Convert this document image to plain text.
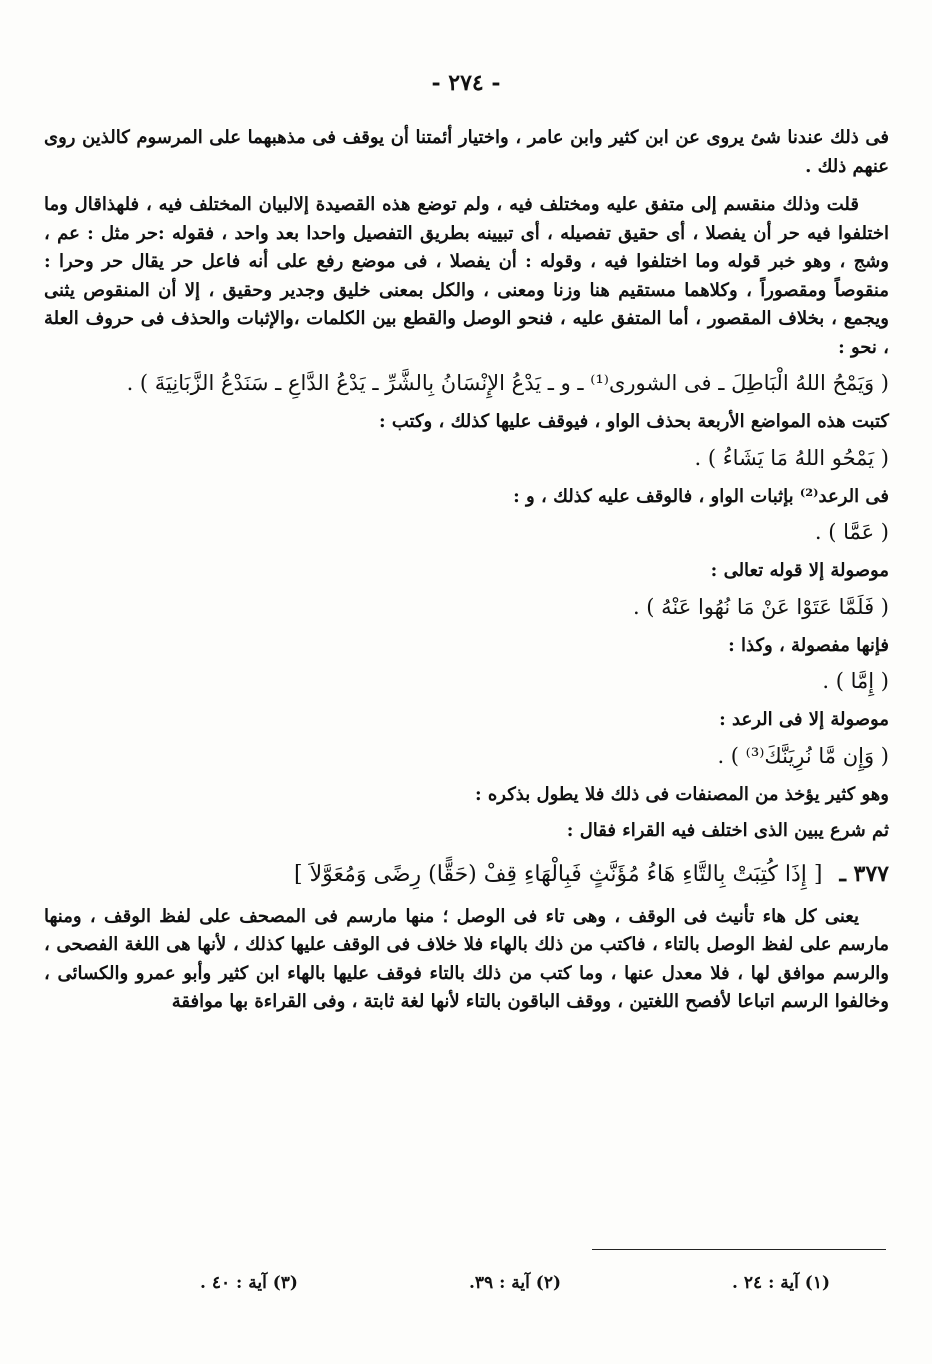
- ٢٧٤ -

فى ذلك عندنا شئ يروى عن ابن كثير وابن عامر ، واختيار أئمتنا أن يوقف فى مذهبهما على المرسوم كالذين روى عنهم ذلك .

قلت وذلك منقسم إلى متفق عليه ومختلف فيه ، ولم توضع هذه القصيدة إلالبيان المختلف فيه ، فلهذاقال وما اختلفوا فيه حر أن يفصلا ، أى حقيق تفصيله ، أى تبيينه بطريق التفصيل واحدا بعد واحد ، فقوله :حر مثل : عم ، وشج ، وهو خبر قوله وما اختلفوا فيه ، وقوله : أن يفصلا ، فى موضع رفع على أنه فاعل حر يقال حر وحرا : منقوصاً ومقصوراً ، وكلاهما مستقيم هنا وزنا ومعنى ، والكل بمعنى خليق وجدير وحقيق ، إلا أن المنقوص يثنى ويجمع ، بخلاف المقصور ، أما المتفق عليه ، فنحو الوصل والقطع بين الكلمات ،والإثبات والحذف فى حروف العلة ، نحو :

( وَيَمْحُ اللهُ الْبَاطِلَ ـ فى الشورى⁽¹⁾ ـ و ـ يَدْعُ الإِنْسَانُ بِالشَّرِّ ـ يَدْعُ الدَّاعِ ـ سَنَدْعُ الزَّبَانِيَةَ ) .

كتبت هذه المواضع الأربعة بحذف الواو ، فيوقف عليها كذلك ، وكتب :

( يَمْحُو اللهُ مَا يَشَاءُ ) .

فى الرعد⁽²⁾ بإثبات الواو ، فالوقف عليه كذلك ، و :

( عَمَّا ) .

موصولة إلا قوله تعالى :

( فَلَمَّا عَتَوْا عَنْ مَا نُهُوا عَنْهُ ) .

فإنها مفصولة ، وكذا :

( إِمَّا ) .

موصولة إلا فى الرعد :

( وَإِن مَّا نُرِيَنَّكَ⁽³⁾ ) .

وهو كثير يؤخذ من المصنفات فى ذلك فلا يطول بذكره :

ثم شرع يبين الذى اختلف فيه القراء فقال :

٣٧٧ ـ [ إِذَا كُتِبَتْ بِالتَّاءِ هَاءُ مُؤَنَّثٍ فَبِالْهَاءِ قِفْ (حَقًّا) رِضًى وَمُعَوَّلاَ ]

يعنى كل هاء تأنيث فى الوقف ، وهى تاء فى الوصل ؛ منها مارسم فى المصحف على لفظ الوقف ، ومنها مارسم على لفظ الوصل بالتاء ، فاكتب من ذلك بالهاء فلا خلاف فى الوقف عليها كذلك ، لأنها هى اللغة الفصحى ، والرسم موافق لها ، فلا معدل عنها ، وما كتب من ذلك بالتاء فوقف عليها بالهاء ابن كثير وأبو عمرو والكسائى ، وخالفوا الرسم اتباعا لأفصح اللغتين ، ووقف الباقون بالتاء لأنها لغة ثابتة ، وفى القراءة بها موافقة

(١) آية : ٢٤ .
(٢) آية : ٣٩.
(٣) آية : ٤٠ .
